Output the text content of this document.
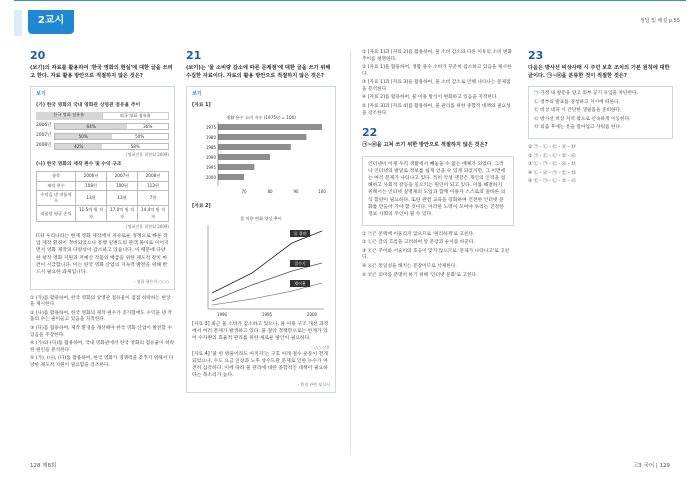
2교시	정답 및 해설 p.55
20
(보기)의 자료를 활용하여 '한국 영화의 현실'에 대한 글을 쓰려고 한다. 자료 활용 방안으로 적절하지 않은 것은?
보기
(가) 한국 영화의 국내 영화관 상영관 점유율 추이
한국 영화 점유율	외국 영화 점유율
2006년	64%	36%
2007년	50%	50%
2008년	42%	58%
(영화진흥 위원회 2009)
(나) 한국 영화의 제작 편수 및 수익 구조
항목	2006년	2007년	2008년
제작 편수	108편	100편	113편
수익을 낸 작품의 수	13편	13편	7편
작품당 평균 손익	11.5억 원 적자	17.0억 원 적자	14.4억 원 적자
(영화진흥 위원회 2009)
(다) 우리나라는 현재 영화 제작에서 자유로운 경쟁으로 빠른 작업 제작 환경이 정비되었으나 흥행 일변도의 관객 몰이로 이어지면서 영화 제작의 다양성이 감소하고 있습니다. 이 때문에 다양한 창작 영화 지원과 저예산 작품의 배급을 위한 제도적 장치 마련이 시급합니다. 이는 한국 영화 산업의 지속적 발전을 위해 반드시 필요한 과제입니다.
- 영화 평론가 ○○○
① (가)를 활용하여, 한국 영화의 상영관 점유율이 점점 하락하는 현상을 제시한다.
② (나)를 활용하여, 한국 영화의 제작 편수가 증가함에도 수익을 낸 작품의 수는 줄어들고 있음을 지적한다.
③ (다)를 활용하여, 제작 환경을 개선해야 한국 영화 산업이 발전할 수 있음을 주장한다.
④ (가)와 (다)를 활용하여, 국내 영화관에서 한국 영화의 점유율이 하락한 원인을 분석한다.
⑤ (가), (나), (다)를 활용하여, 한국 영화가 경쟁력을 갖추기 위해서 다양한 제도적 지원이 필요함을 강조한다.
21
(보기)는 '물 소비량 감소에 따른 문제점'에 대한 글을 쓰기 위해 수집한 자료이다. 자료의 활용 방안으로 적절하지 않은 것은?
보기
[자료 1]
생활 용수 소비 지수 (1975년 = 100)
1975
1980
1985
1990
1995
2000
70	80	90	100
[자료 2]
물 이용 변화 양상 추이
물 절약
절수기
재이용
1990	1995	2000
[자료 3] 최근 물 소비가 감소하고 있으나, 물 이용 구조 개선 과정에서 여러 문제가 발생하고 있다. 물 절약 정책만으로는 한계가 있어 수자원의 효율적 관리를 위한 새로운 방안이 필요하다.
- ○○ 신문
[자료 4] '물 한 방울이라도 아끼자'는 구호 아래 절수 운동이 전개되었으나, 수도 요금 인상과 노후 상수도관 문제로 인한 누수가 여전히 심각하다. 이에 따라 물 관리에 대한 종합적인 대책이 필요하다는 목소리가 높다.
- 환경 관련 보고서
① [자료 1]과 [자료 2]를 활용하여, 물 소비 감소와 다른 이유의 소비 변화 추이를 설명한다.
② [자료 1]을 활용하여, 생활 용수 소비가 꾸준히 감소하고 있음을 제시한다.
③ [자료 1]과 [자료 3]을 활용하여, 물 소비 감소로 인해 나타나는 문제점을 분석한다.
④ [자료 2]를 활용하여, 물 이용 방식이 변화하고 있음을 지적한다.
⑤ [자료 3]과 [자료 4]를 활용하여, 물 관리를 위한 종합적 대책의 필요성을 강조한다.
22
㉠~㉤을 고쳐 쓰기 위한 방안으로 적절하지 않은 것은?
인터넷이 이제 우리 생활에서 빼놓을 수 없는 매체가 되었다. 그러나 인터넷의 발달로 정보를 쉽게 얻을 수 있게 되었지만, 그 이면에는 여러 문제가 나타나고 있다. 특히 악성 댓글은 개인의 인격을 침해하고 사회적 갈등을 일으키는 원인이 되고 있다. 이를 해결하기 위해서는 인터넷 실명제의 도입과 함께 이용자 스스로의 올바른 의식 함양이 필요하다. 또한 관련 교육을 강화하여 건전한 인터넷 문화를 만들어 가야 할 것이다. 이러한 노력이 모여야 우리는 진정한 정보 사회의 주인이 될 수 있다.
① ㉠은 문맥에 어울리지 않으므로 '편리하게'로 고친다.
② ㉡은 글의 흐름을 고려하여 앞 문장과 순서를 바꾼다.
③ ㉢은 주어와 서술어의 호응이 맞지 않으므로 '문제가 나타나고'로 고친다.
④ ㉣은 통일성을 해치는 문장이므로 삭제한다.
⑤ ㉤은 의미를 분명히 하기 위해 '인터넷 문화'로 고친다.
23
다음은 방사선 비상사태 시 주민 보호 조치의 기본 원칙에 대한 글이다. ㉠~㉤을 분류한 것이 적절한 것은?
㉠ 가정 내 창문을 닫고 외부 공기 유입을 차단한다.
㉡ 정부의 발표를 경청하고 지시에 따른다.
㉢ 비상 대피 시 간단한 생필품을 준비한다.
㉣ 방사선 비상 지역 밖으로 신속하게 이동한다.
㉤ 외출 후에는 옷을 갈아입고 샤워를 한다.
① ㉠ - ㉡ - ㉢ - ㉣ - ㉤
② ㉠ - ㉢ - ㉡ - ㉤ - ㉣
③ ㉡ - ㉠ - ㉢ - ㉣ - ㉤
④ ㉡ - ㉣ - ㉠ - ㉢ - ㉤
⑤ ㉢ - ㉠ - ㉡ - ㉤ - ㉣
128 제8회	고3 국어 | 129
